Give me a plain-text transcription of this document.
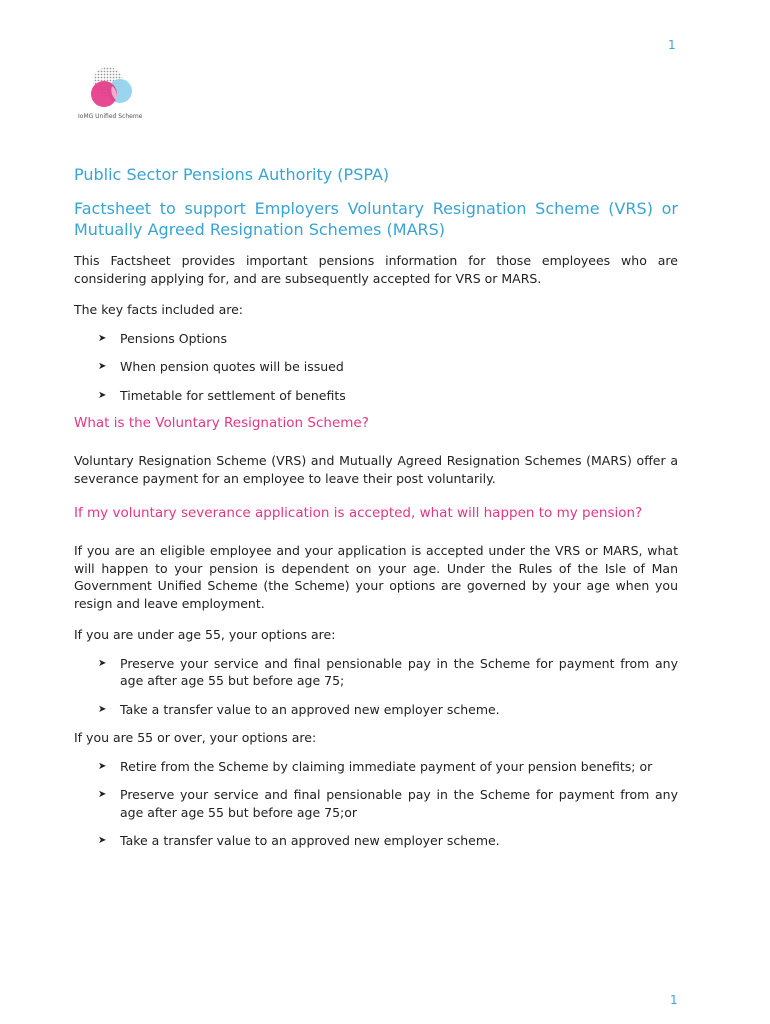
1
IoMG Unified Scheme
Public Sector Pensions Authority (PSPA)
Factsheet to support Employers Voluntary Resignation Scheme (VRS) or Mutually Agreed Resignation Schemes (MARS)

This Factsheet provides important pensions information for those employees who are considering applying for, and are subsequently accepted for VRS or MARS.

The key facts included are:

➤ Pensions Options
➤ When pension quotes will be issued
➤ Timetable for settlement of benefits
What is the Voluntary Resignation Scheme?

Voluntary Resignation Scheme (VRS) and Mutually Agreed Resignation Schemes (MARS) offer a severance payment for an employee to leave their post voluntarily.

If my voluntary severance application is accepted, what will happen to my pension?

If you are an eligible employee and your application is accepted under the VRS or MARS, what will happen to your pension is dependent on your age. Under the Rules of the Isle of Man Government Unified Scheme (the Scheme) your options are governed by your age when you resign and leave employment.

If you are under age 55, your options are:

➤ Preserve your service and final pensionable pay in the Scheme for payment from any age after age 55 but before age 75;
➤ Take a transfer value to an approved new employer scheme.

If you are 55 or over, your options are:

➤ Retire from the Scheme by claiming immediate payment of your pension benefits; or
➤ Preserve your service and final pensionable pay in the Scheme for payment from any age after age 55 but before age 75;or
➤ Take a transfer value to an approved new employer scheme.
1
